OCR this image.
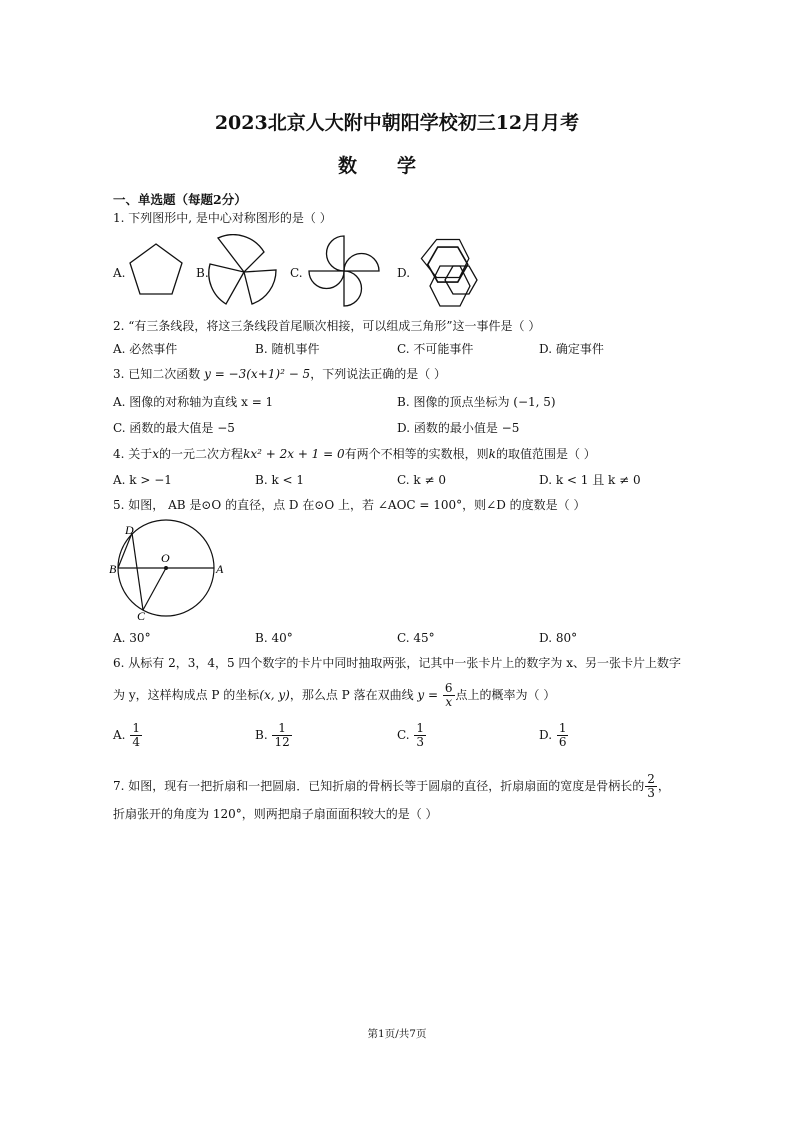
2023北京人大附中朝阳学校初三12月月考
数学
一、单选题（每题2分）
1. 下列图形中, 是中心对称图形的是（ ）
A.	B.	C.	D.
2. “有三条线段，将这三条线段首尾顺次相接，可以组成三角形”这一事件是（ ）
A. 必然事件	B. 随机事件	C. 不可能事件	D. 确定事件
3. 已知二次函数 y = −3(x+1)² − 5，下列说法正确的是（ ）
A. 图像的对称轴为直线 x = 1	B. 图像的顶点坐标为 (−1, 5)
C. 函数的最大值是 −5	D. 函数的最小值是 −5
4. 关于x的一元二次方程kx² + 2x + 1 = 0有两个不相等的实数根，则k的取值范围是（ ）
A. k > −1	B. k < 1	C. k ≠ 0	D. k < 1 且 k ≠ 0
5. 如图， AB 是⊙O 的直径，点 D 在⊙O 上，若 ∠AOC = 100°，则∠D 的度数是（ ）
D
O
B	A
C
A. 30°	B. 40°	C. 45°	D. 80°
6. 从标有 2，3，4，5 四个数字的卡片中同时抽取两张，记其中一张卡片上的数字为 x、另一张卡片上数字
为 y，这样构成点 P 的坐标(x, y)，那么点 P 落在双曲线 $y = \frac{6}{x}$ 点上的概率为（ ）
A. $\frac{1}{4}$	B. $\frac{1}{12}$	C. $\frac{1}{3}$	D. $\frac{1}{6}$
7. 如图，现有一把折扇和一把圆扇．已知折扇的骨柄长等于圆扇的直径，折扇扇面的宽度是骨柄长的 $\frac{2}{3}$ ，
折扇张开的角度为 120°，则两把扇子扇面面积较大的是（ ）
第1页/共7页
